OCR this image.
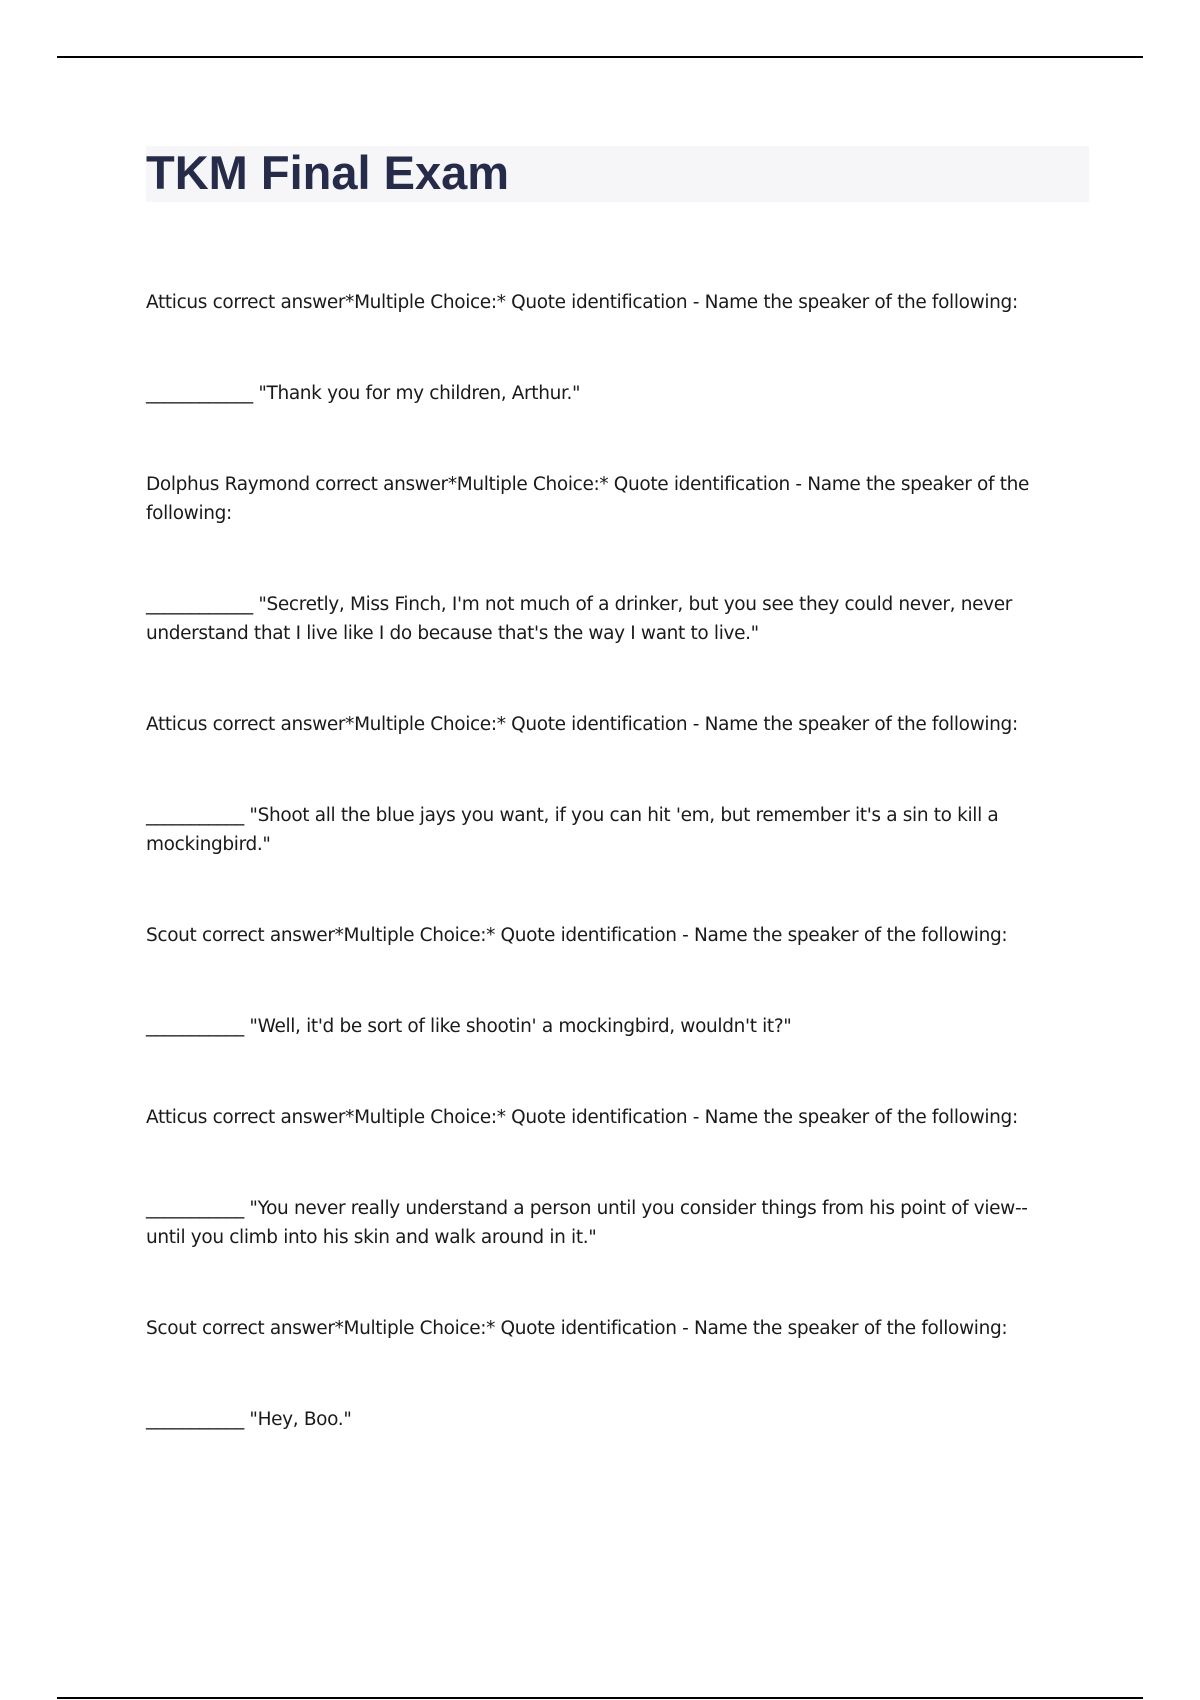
TKM Final Exam

Atticus correct answer*Multiple Choice:* Quote identification - Name the speaker of the following:

____________ "Thank you for my children, Arthur."

Dolphus Raymond correct answer*Multiple Choice:* Quote identification - Name the speaker of the following:

____________ "Secretly, Miss Finch, I'm not much of a drinker, but you see they could never, never understand that I live like I do because that's the way I want to live."

Atticus correct answer*Multiple Choice:* Quote identification - Name the speaker of the following:

___________ "Shoot all the blue jays you want, if you can hit 'em, but remember it's a sin to kill a mockingbird."

Scout correct answer*Multiple Choice:* Quote identification - Name the speaker of the following:

___________ "Well, it'd be sort of like shootin' a mockingbird, wouldn't it?"

Atticus correct answer*Multiple Choice:* Quote identification - Name the speaker of the following:

___________ "You never really understand a person until you consider things from his point of view-- until you climb into his skin and walk around in it."

Scout correct answer*Multiple Choice:* Quote identification - Name the speaker of the following:

___________ "Hey, Boo."
